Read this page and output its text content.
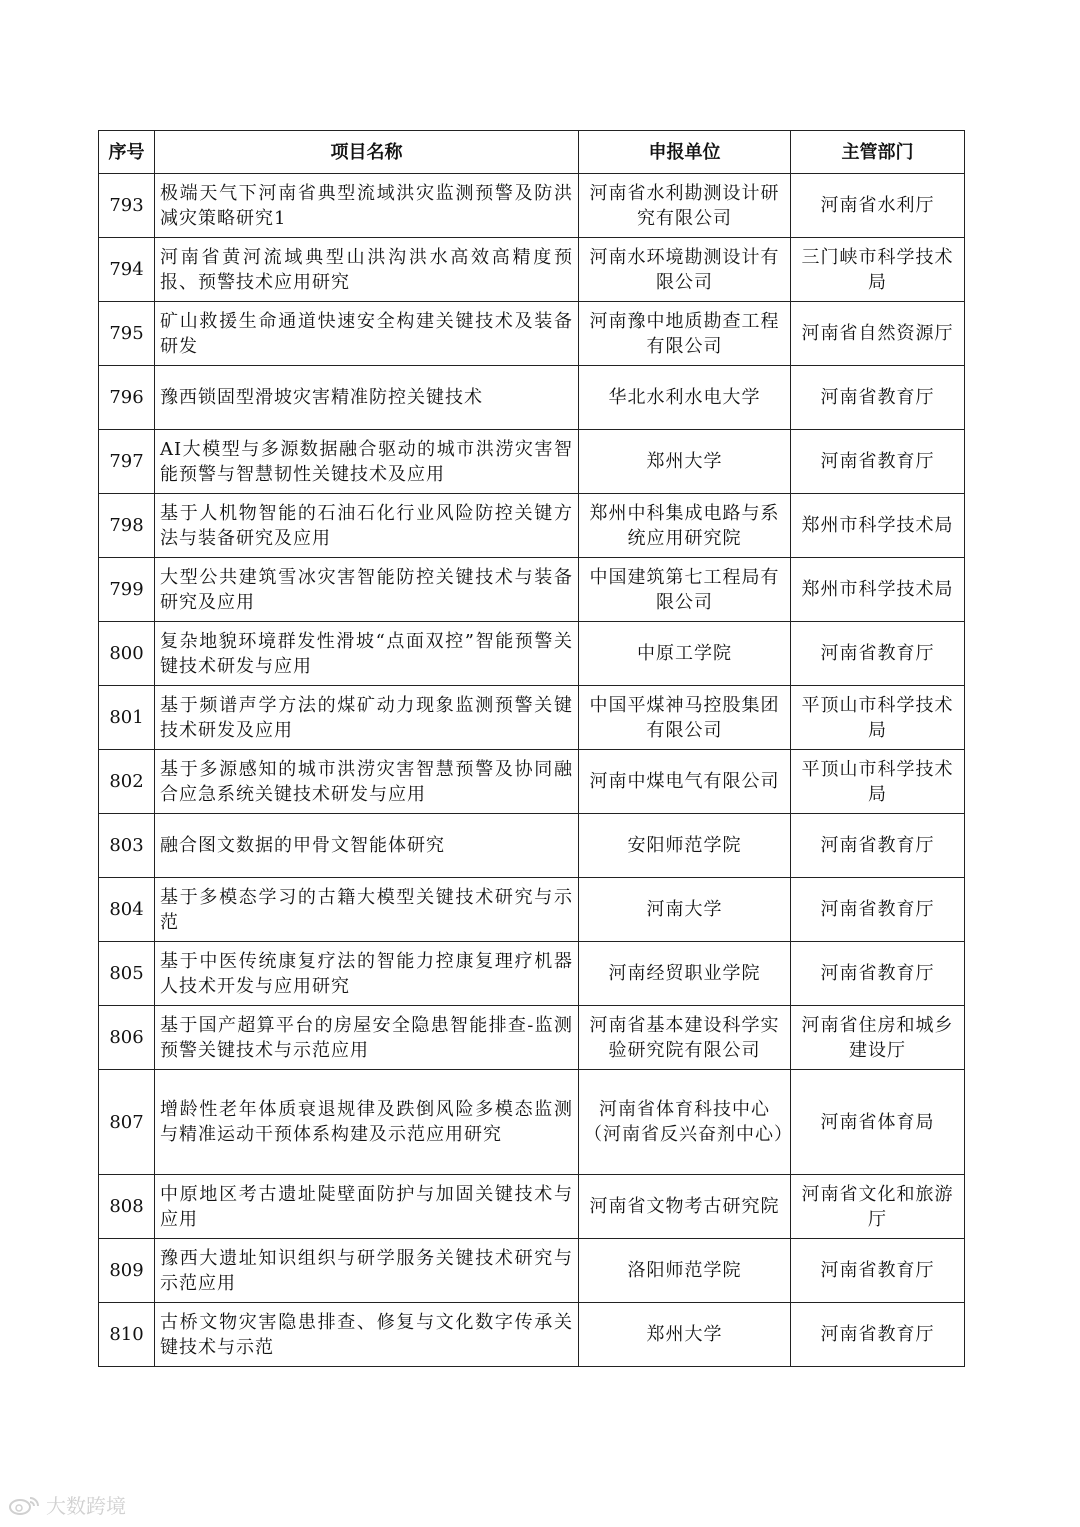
序号	项目名称	申报单位	主管部门
793	极端天气下河南省典型流域洪灾监测预警及防洪减灾策略研究1	河南省水利勘测设计研究有限公司	河南省水利厅
794	河南省黄河流域典型山洪沟洪水高效高精度预报、预警技术应用研究	河南水环境勘测设计有限公司	三门峡市科学技术局
795	矿山救援生命通道快速安全构建关键技术及装备研发	河南豫中地质勘查工程有限公司	河南省自然资源厅
796	豫西锁固型滑坡灾害精准防控关键技术	华北水利水电大学	河南省教育厅
797	AI大模型与多源数据融合驱动的城市洪涝灾害智能预警与智慧韧性关键技术及应用	郑州大学	河南省教育厅
798	基于人机物智能的石油石化行业风险防控关键方法与装备研究及应用	郑州中科集成电路与系统应用研究院	郑州市科学技术局
799	大型公共建筑雪冰灾害智能防控关键技术与装备研究及应用	中国建筑第七工程局有限公司	郑州市科学技术局
800	复杂地貌环境群发性滑坡“点面双控”智能预警关键技术研发与应用	中原工学院	河南省教育厅
801	基于频谱声学方法的煤矿动力现象监测预警关键技术研发及应用	中国平煤神马控股集团有限公司	平顶山市科学技术局
802	基于多源感知的城市洪涝灾害智慧预警及协同融合应急系统关键技术研发与应用	河南中煤电气有限公司	平顶山市科学技术局
803	融合图文数据的甲骨文智能体研究	安阳师范学院	河南省教育厅
804	基于多模态学习的古籍大模型关键技术研究与示范	河南大学	河南省教育厅
805	基于中医传统康复疗法的智能力控康复理疗机器人技术开发与应用研究	河南经贸职业学院	河南省教育厅
806	基于国产超算平台的房屋安全隐患智能排查-监测预警关键技术与示范应用	河南省基本建设科学实验研究院有限公司	河南省住房和城乡建设厅
807	增龄性老年体质衰退规律及跌倒风险多模态监测与精准运动干预体系构建及示范应用研究	河南省体育科技中心（河南省反兴奋剂中心）	河南省体育局
808	中原地区考古遗址陡壁面防护与加固关键技术与应用	河南省文物考古研究院	河南省文化和旅游厅
809	豫西大遗址知识组织与研学服务关键技术研究与示范应用	洛阳师范学院	河南省教育厅
810	古桥文物灾害隐患排查、修复与文化数字传承关键技术与示范	郑州大学	河南省教育厅
大数跨境
